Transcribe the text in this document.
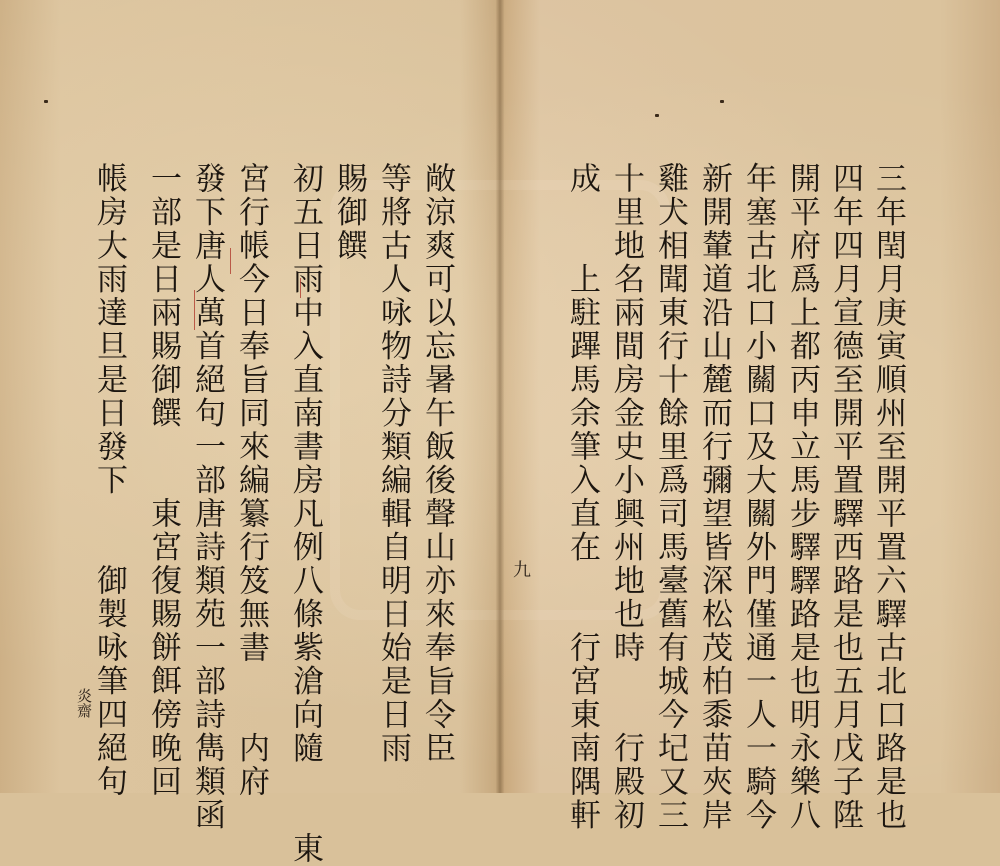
三年閏月庚寅順州至開平置六驛古北口路是也
四年四月宣德至開平置驛西路是也五月戊子陞
開平府爲上都丙申立馬步驛驛路是也明永樂八
年塞古北口小關口及大關外門僅通一人一騎今
新開輦道沿山麓而行彌望皆深松茂柏黍苗夾岸
雞犬相聞東行十餘里爲司馬臺舊有城今圮又三
十里地名兩間房金史小興州地也時　　行殿初
成　　上駐蹕馬余筆入直在　　行宮東南隅軒
九
敞涼爽可以忘暑午飯後聲山亦來奉旨令臣
等將古人咏物詩分類編輯自明日始是日雨
賜御饌
初五日雨中入直南書房凡例八條紫滄向隨　　東
宮行帳今日奉旨同來編纂行笈無書　　内府
發下唐人萬首絕句一部唐詩類苑一部詩雋類函
一部是日兩賜御饌　　東宮復賜餅餌傍晚回
帳房大雨達旦是日發下　　御製咏筆四絕句
炎齋
